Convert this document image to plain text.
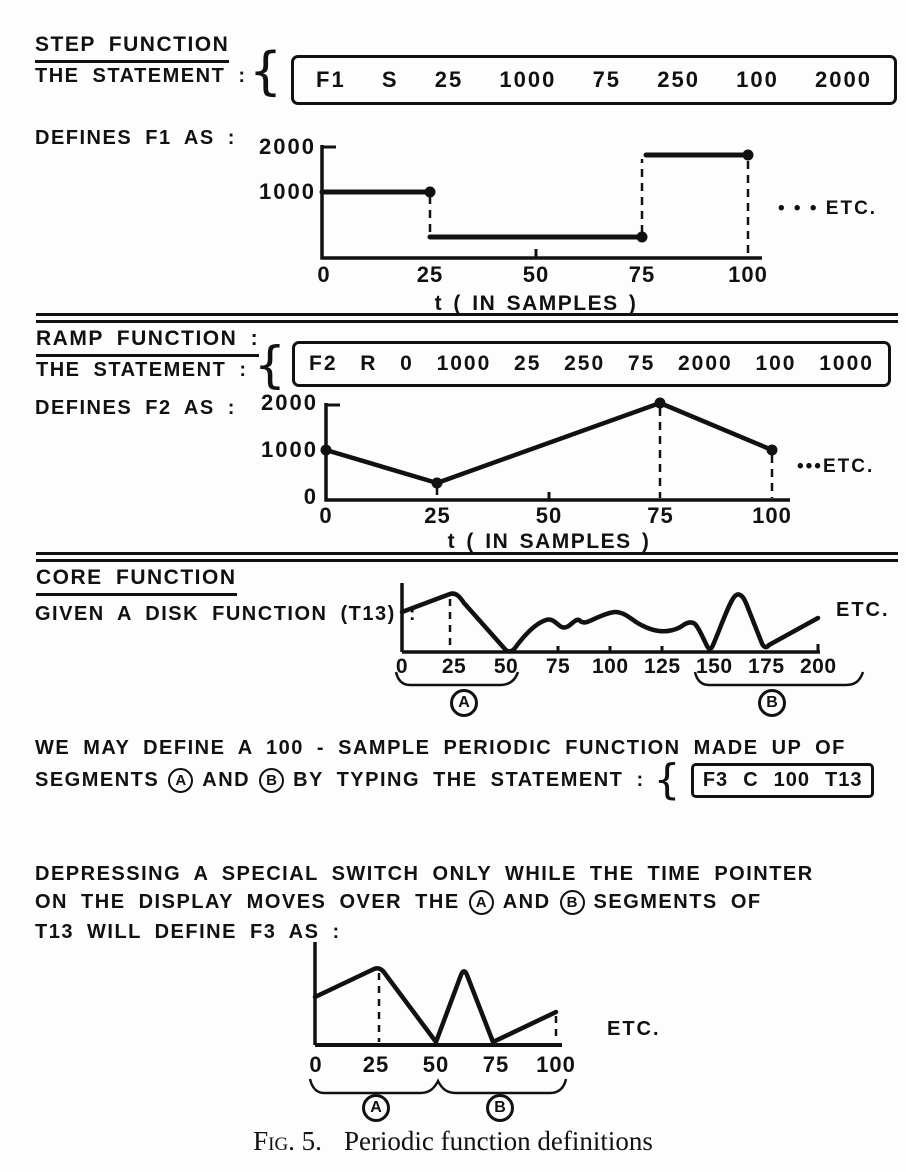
STEP FUNCTION
THE STATEMENT : { F1 S 25 1000 75 250 100 2000
DEFINES F1 AS :	2000
1000
0	25	50	75	100
t ( IN SAMPLES )
• • • ETC.
RAMP FUNCTION :
THE STATEMENT : { F2 R 0 1000 25 250 75 2000 100 1000
DEFINES F2 AS :	2000
1000
0
0	25	50	75	100
t ( IN SAMPLES )
•••ETC.
CORE FUNCTION
GIVEN A DISK FUNCTION (T13) :
0	25 50 75 100 125 150 175 200
A	B
ETC.
WE MAY DEFINE A 100 - SAMPLE PERIODIC FUNCTION MADE UP OF
SEGMENTS	A AND	B BY TYPING THE STATEMENT : { F3 C 100 T13
DEPRESSING A SPECIAL SWITCH ONLY WHILE THE TIME POINTER
ON THE DISPLAY MOVES OVER THE	A AND	B SEGMENTS OF
T13 WILL DEFINE F3 AS :
0	25	50	75	100
A	B
ETC.
Fig. 5. Periodic function definitions
